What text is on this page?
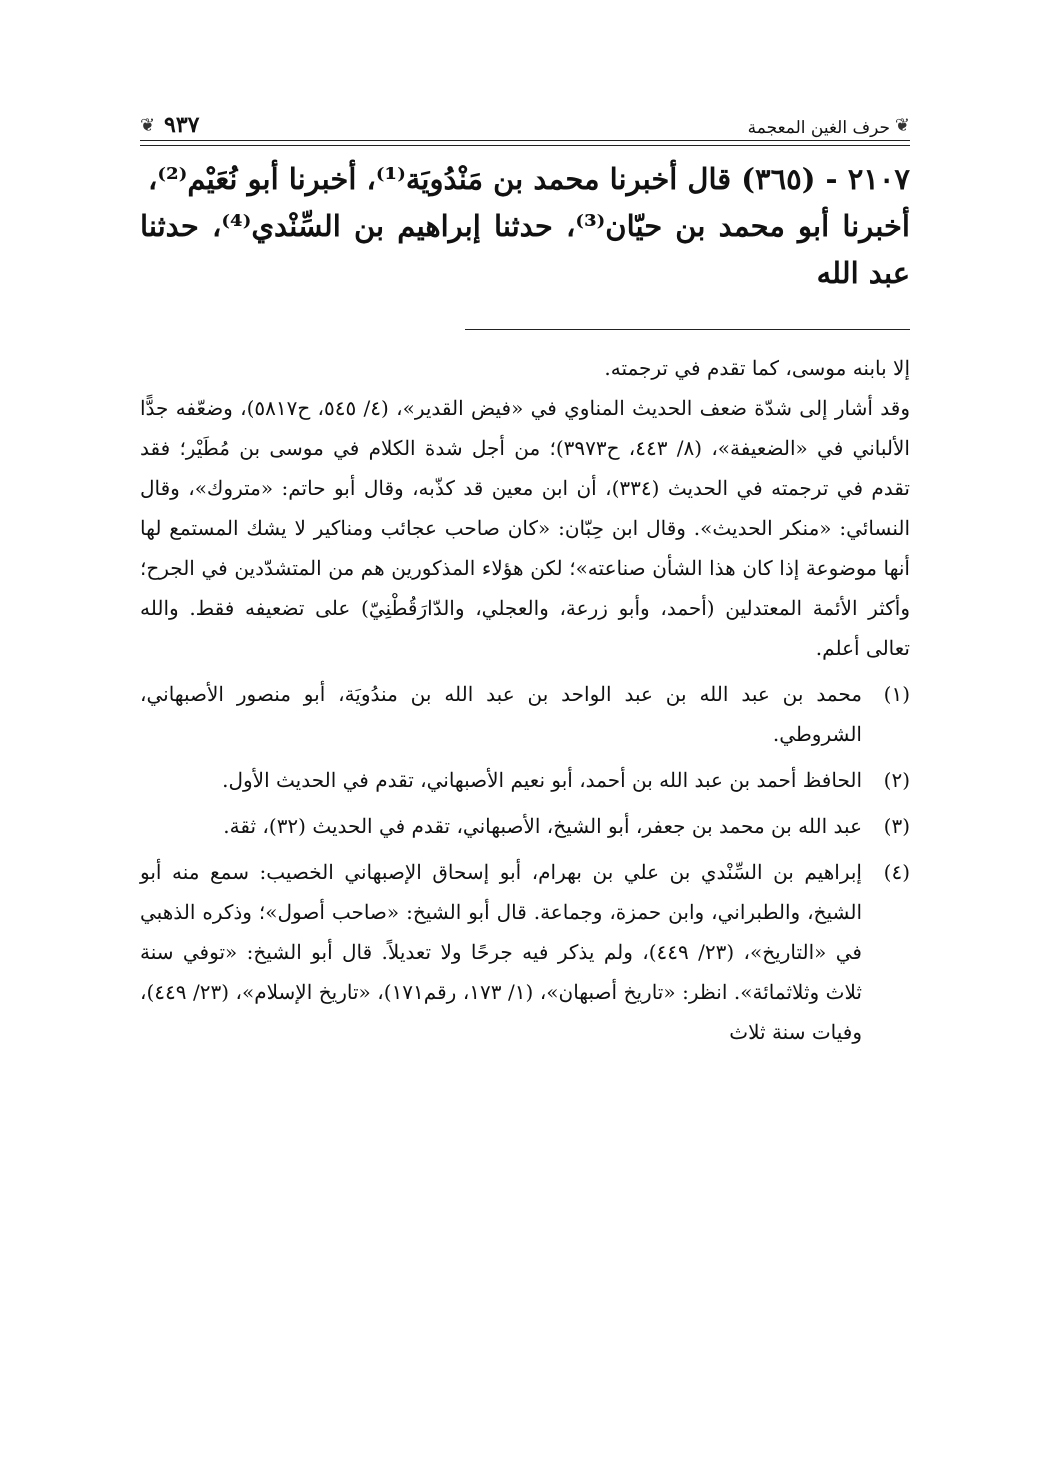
❦
حرف الغين المعجمة
٩٣٧
❦

٢١٠٧ - (٣٦٥) قال أخبرنا محمد بن مَنْدُويَة⁽¹⁾، أخبرنا أبو نُعَيْم⁽²⁾،

أخبرنا أبو محمد بن حيّان⁽³⁾، حدثنا إبراهيم بن السِّنْدي⁽⁴⁾، حدثنا عبد الله

إلا بابنه موسى، كما تقدم في ترجمته.

وقد أشار إلى شدّة ضعف الحديث المناوي في «فيض القدير»، (٤/ ٥٤٥، ح٥٨١٧)، وضعّفه جدًّا الألباني في «الضعيفة»، (٨/ ٤٤٣، ح٣٩٧٣)؛ من أجل شدة الكلام في موسى بن مُطَيْر؛ فقد تقدم في ترجمته في الحديث (٣٣٤)، أن ابن معين قد كذّبه، وقال أبو حاتم: «متروك»، وقال النسائي: «منكر الحديث». وقال ابن حِبّان: «كان صاحب عجائب ومناكير لا يشك المستمع لها أنها موضوعة إذا كان هذا الشأن صناعته»؛ لكن هؤلاء المذكورين هم من المتشدّدين في الجرح؛ وأكثر الأئمة المعتدلين (أحمد، وأبو زرعة، والعجلي، والدّارَقُطْنِيّ) على تضعيفه فقط. والله تعالى أعلم.

(١)
محمد بن عبد الله بن عبد الواحد بن عبد الله بن مندُويَة، أبو منصور الأصبهاني، الشروطي.
(٢)
الحافظ أحمد بن عبد الله بن أحمد، أبو نعيم الأصبهاني، تقدم في الحديث الأول.
(٣)
عبد الله بن محمد بن جعفر، أبو الشيخ، الأصبهاني، تقدم في الحديث (٣٢)، ثقة.
(٤)
إبراهيم بن السِّنْدي بن علي بن بهرام، أبو إسحاق الإصبهاني الخصيب: سمع منه أبو الشيخ، والطبراني، وابن حمزة، وجماعة. قال أبو الشيخ: «صاحب أصول»؛ وذكره الذهبي في «التاريخ»، (٢٣/ ٤٤٩)، ولم يذكر فيه جرحًا ولا تعديلاً. قال أبو الشيخ: «توفي سنة ثلاث وثلاثمائة». انظر: «تاريخ أصبهان»، (١/ ١٧٣، رقم١٧١)، «تاريخ الإسلام»، (٢٣/ ٤٤٩)، وفيات سنة ثلاث
